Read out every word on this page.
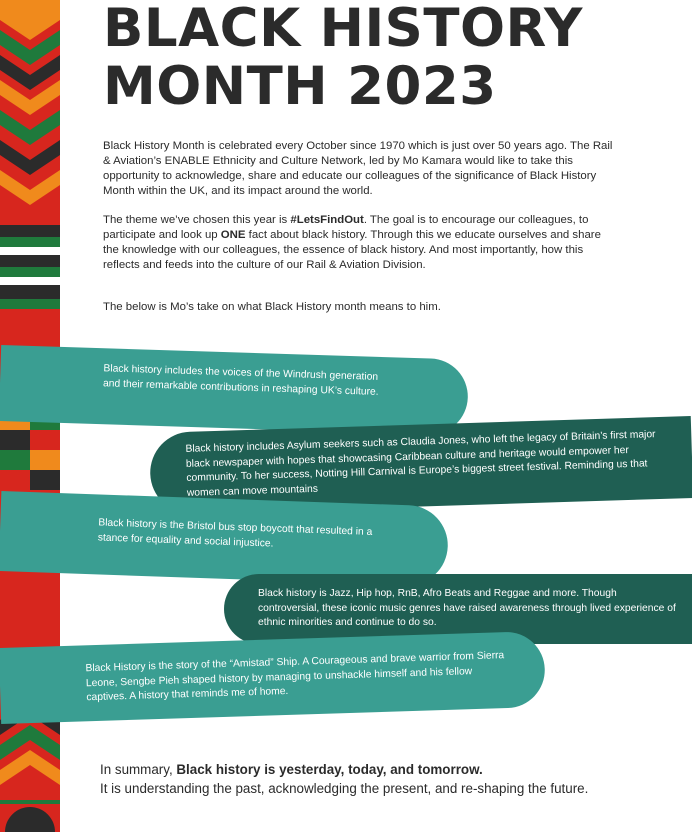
BLACK HISTORY
MONTH 2023

Black History Month is celebrated every October since 1970 which is just over 50 years ago. The Rail & Aviation’s ENABLE Ethnicity and Culture Network, led by Mo Kamara would like to take this opportunity to acknowledge, share and educate our colleagues of the significance of Black History Month within the UK, and its impact around the world.

The theme we’ve chosen this year is #LetsFindOut. The goal is to encourage our colleagues, to participate and look up ONE fact about black history. Through this we educate ourselves and share the knowledge with our colleagues, the essence of black history. And most importantly, how this reflects and feeds into the culture of our Rail & Aviation Division.

The below is Mo’s take on what Black History month means to him.

Black history includes the voices of the Windrush generation and their remarkable contributions in reshaping UK’s culture.
Black history includes Asylum seekers such as Claudia Jones, who left the legacy of Britain’s first major black newspaper with hopes that showcasing Caribbean culture and heritage would empower her community. To her success, Notting Hill Carnival is Europe’s biggest street festival. Reminding us that women can move mountains
Black history is the Bristol bus stop boycott that resulted in a stance for equality and social injustice.
Black history is Jazz, Hip hop, RnB, Afro Beats and Reggae and more. Though controversial, these iconic music genres have raised awareness through lived experience of ethnic minorities and continue to do so.
Black History is the story of the “Amistad” Ship. A Courageous and brave warrior from Sierra Leone, Sengbe Pieh shaped history by managing to unshackle himself and his fellow captives. A history that reminds me of home.

In summary, Black history is yesterday, today, and tomorrow.

It is understanding the past, acknowledging the present, and re-shaping the future.
